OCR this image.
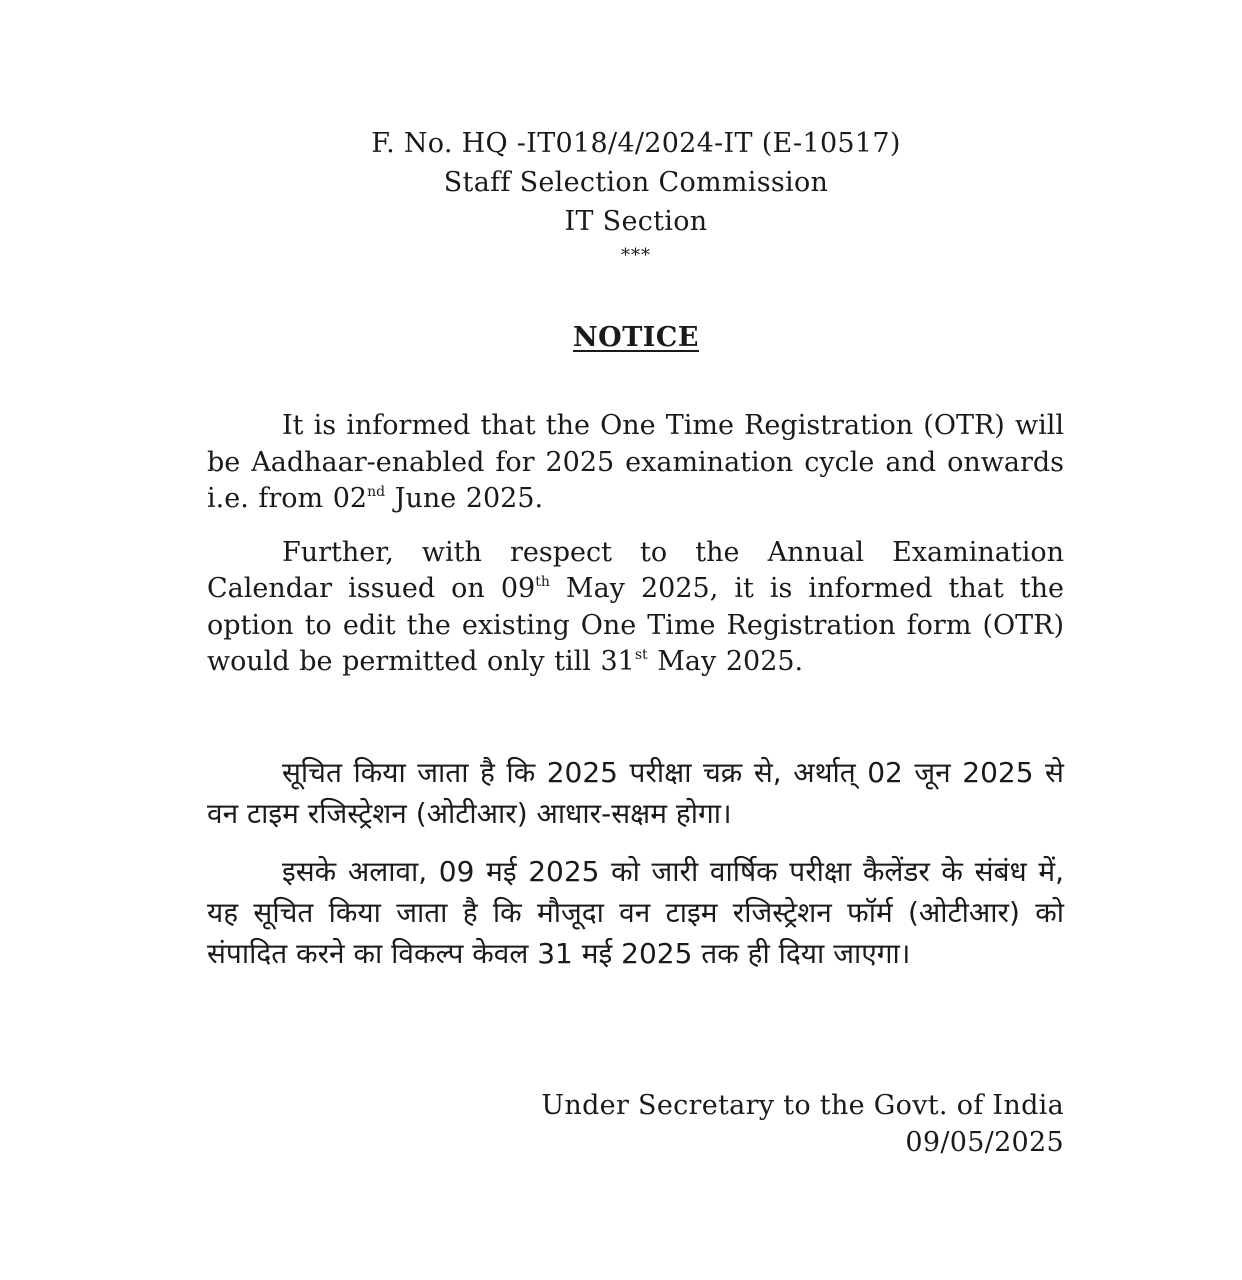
F. No. HQ -IT018/4/2024-IT (E-10517)
Staff Selection Commission
IT Section
***
NOTICE

It is informed that the One Time Registration (OTR) will be Aadhaar-enabled for 2025 examination cycle and onwards i.e. from 02nd June 2025.

Further, with respect to the Annual Examination Calendar issued on 09th May 2025, it is informed that the option to edit the existing One Time Registration form (OTR) would be permitted only till 31st May 2025.

सूचित किया जाता है कि 2025 परीक्षा चक्र से, अर्थात् 02 जून 2025 से वन टाइम रजिस्ट्रेशन (ओटीआर) आधार-सक्षम होगा।

इसके अलावा, 09 मई 2025 को जारी वार्षिक परीक्षा कैलेंडर के संबंध में, यह सूचित किया जाता है कि मौजूदा वन टाइम रजिस्ट्रेशन फॉर्म (ओटीआर) को संपादित करने का विकल्प केवल 31 मई 2025 तक ही दिया जाएगा।

Under Secretary to the Govt. of India
09/05/2025
